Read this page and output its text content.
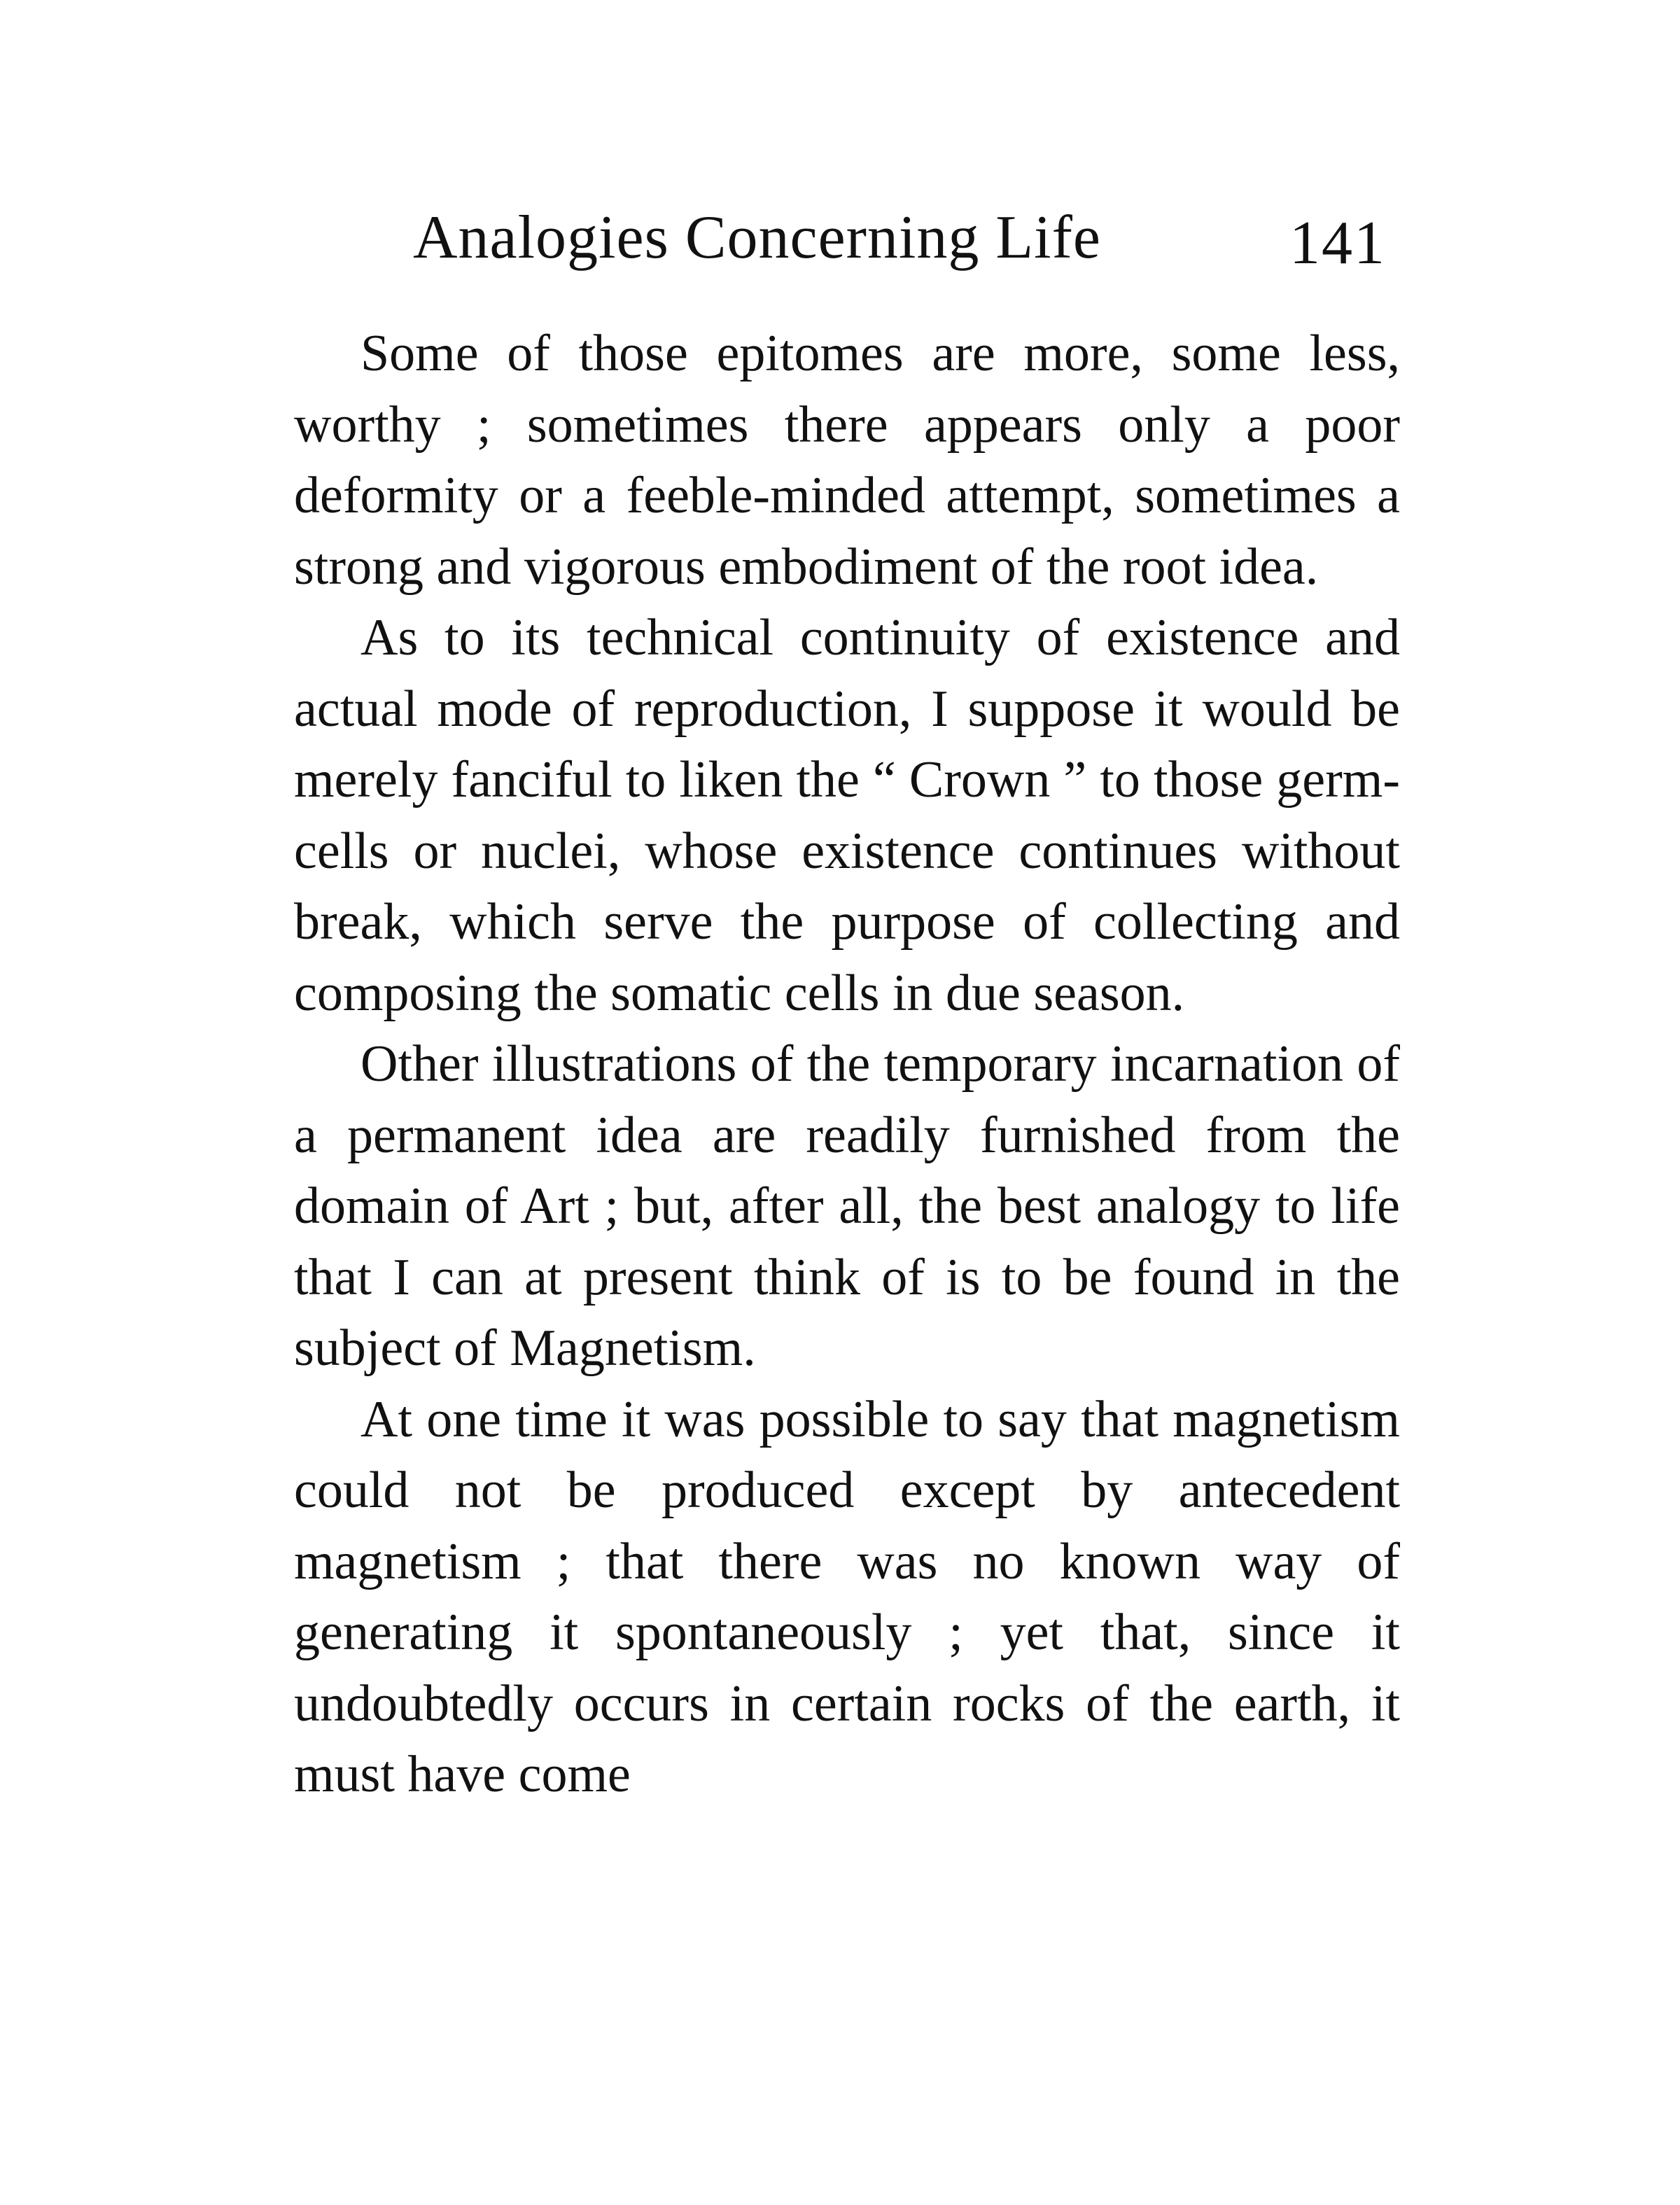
Analogies Concerning Life	141

Some of those epitomes are more, some less, worthy ; sometimes there appears only a poor deformity or a feeble-minded attempt, sometimes a strong and vigorous embodiment of the root idea.

As to its technical continuity of existence and actual mode of reproduction, I suppose it would be merely fanciful to liken the “ Crown ” to those germ-cells or nuclei, whose existence continues without break, which serve the purpose of collecting and composing the somatic cells in due season.

Other illustrations of the temporary incarnation of a permanent idea are readily furnished from the domain of Art ; but, after all, the best analogy to life that I can at present think of is to be found in the subject of Magnetism.

At one time it was possible to say that magnetism could not be produced except by antecedent magnetism ; that there was no known way of generating it spontaneously ; yet that, since it undoubtedly occurs in certain rocks of the earth, it must have come
